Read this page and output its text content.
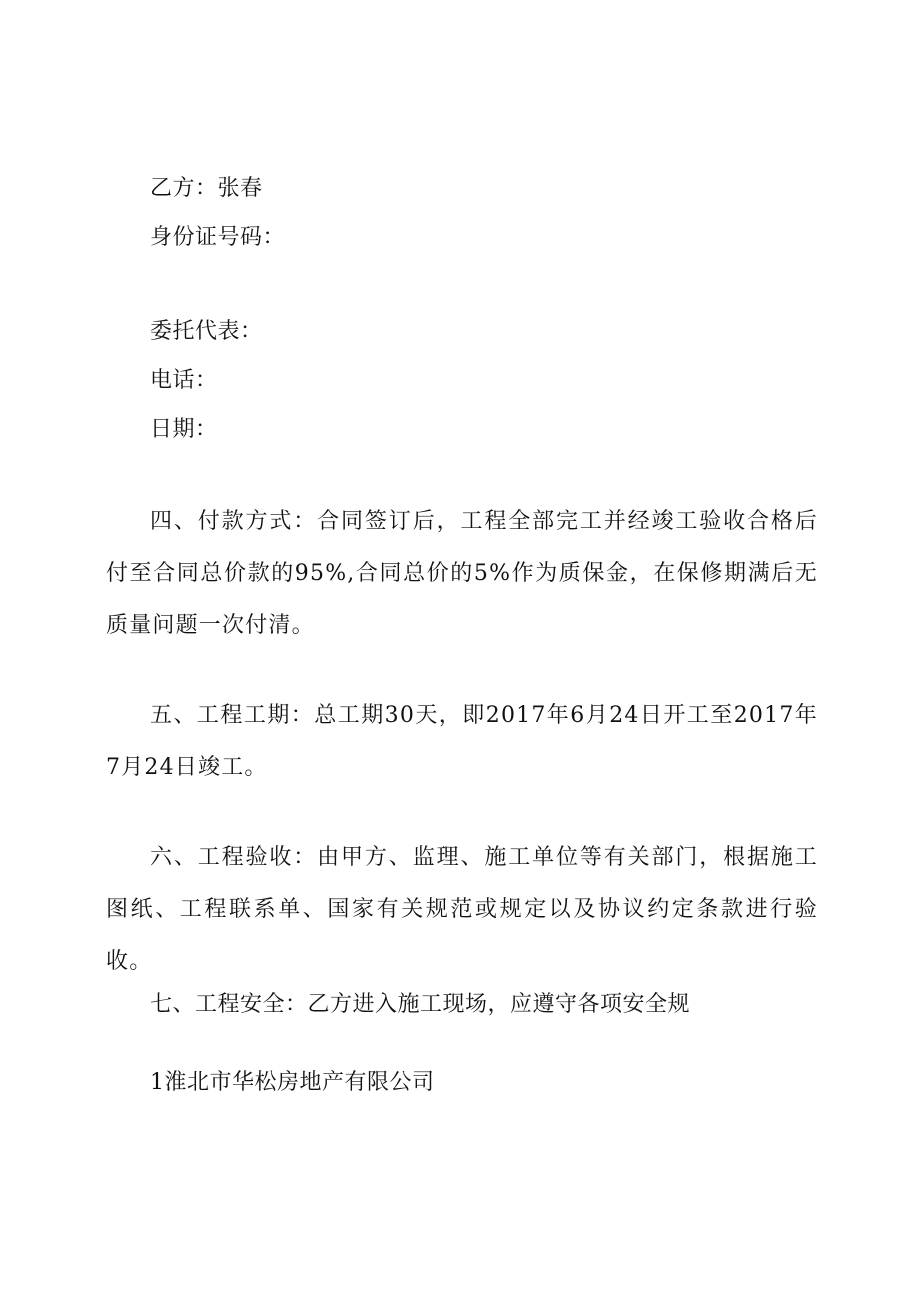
乙方：张春
身份证号码：
委托代表：
电话：
日期：
四、付款方式：合同签订后，工程全部完工并经竣工验收合格后付至合同总价款的95%,合同总价的5%作为质保金，在保修期满后无质量问题一次付清。
五、工程工期：总工期30天，即2017年6月24日开工至2017年7月24日竣工。
六、工程验收：由甲方、监理、施工单位等有关部门，根据施工图纸、工程联系单、国家有关规范或规定以及协议约定条款进行验收。
七、工程安全：乙方进入施工现场，应遵守各项安全规
1淮北市华松房地产有限公司
